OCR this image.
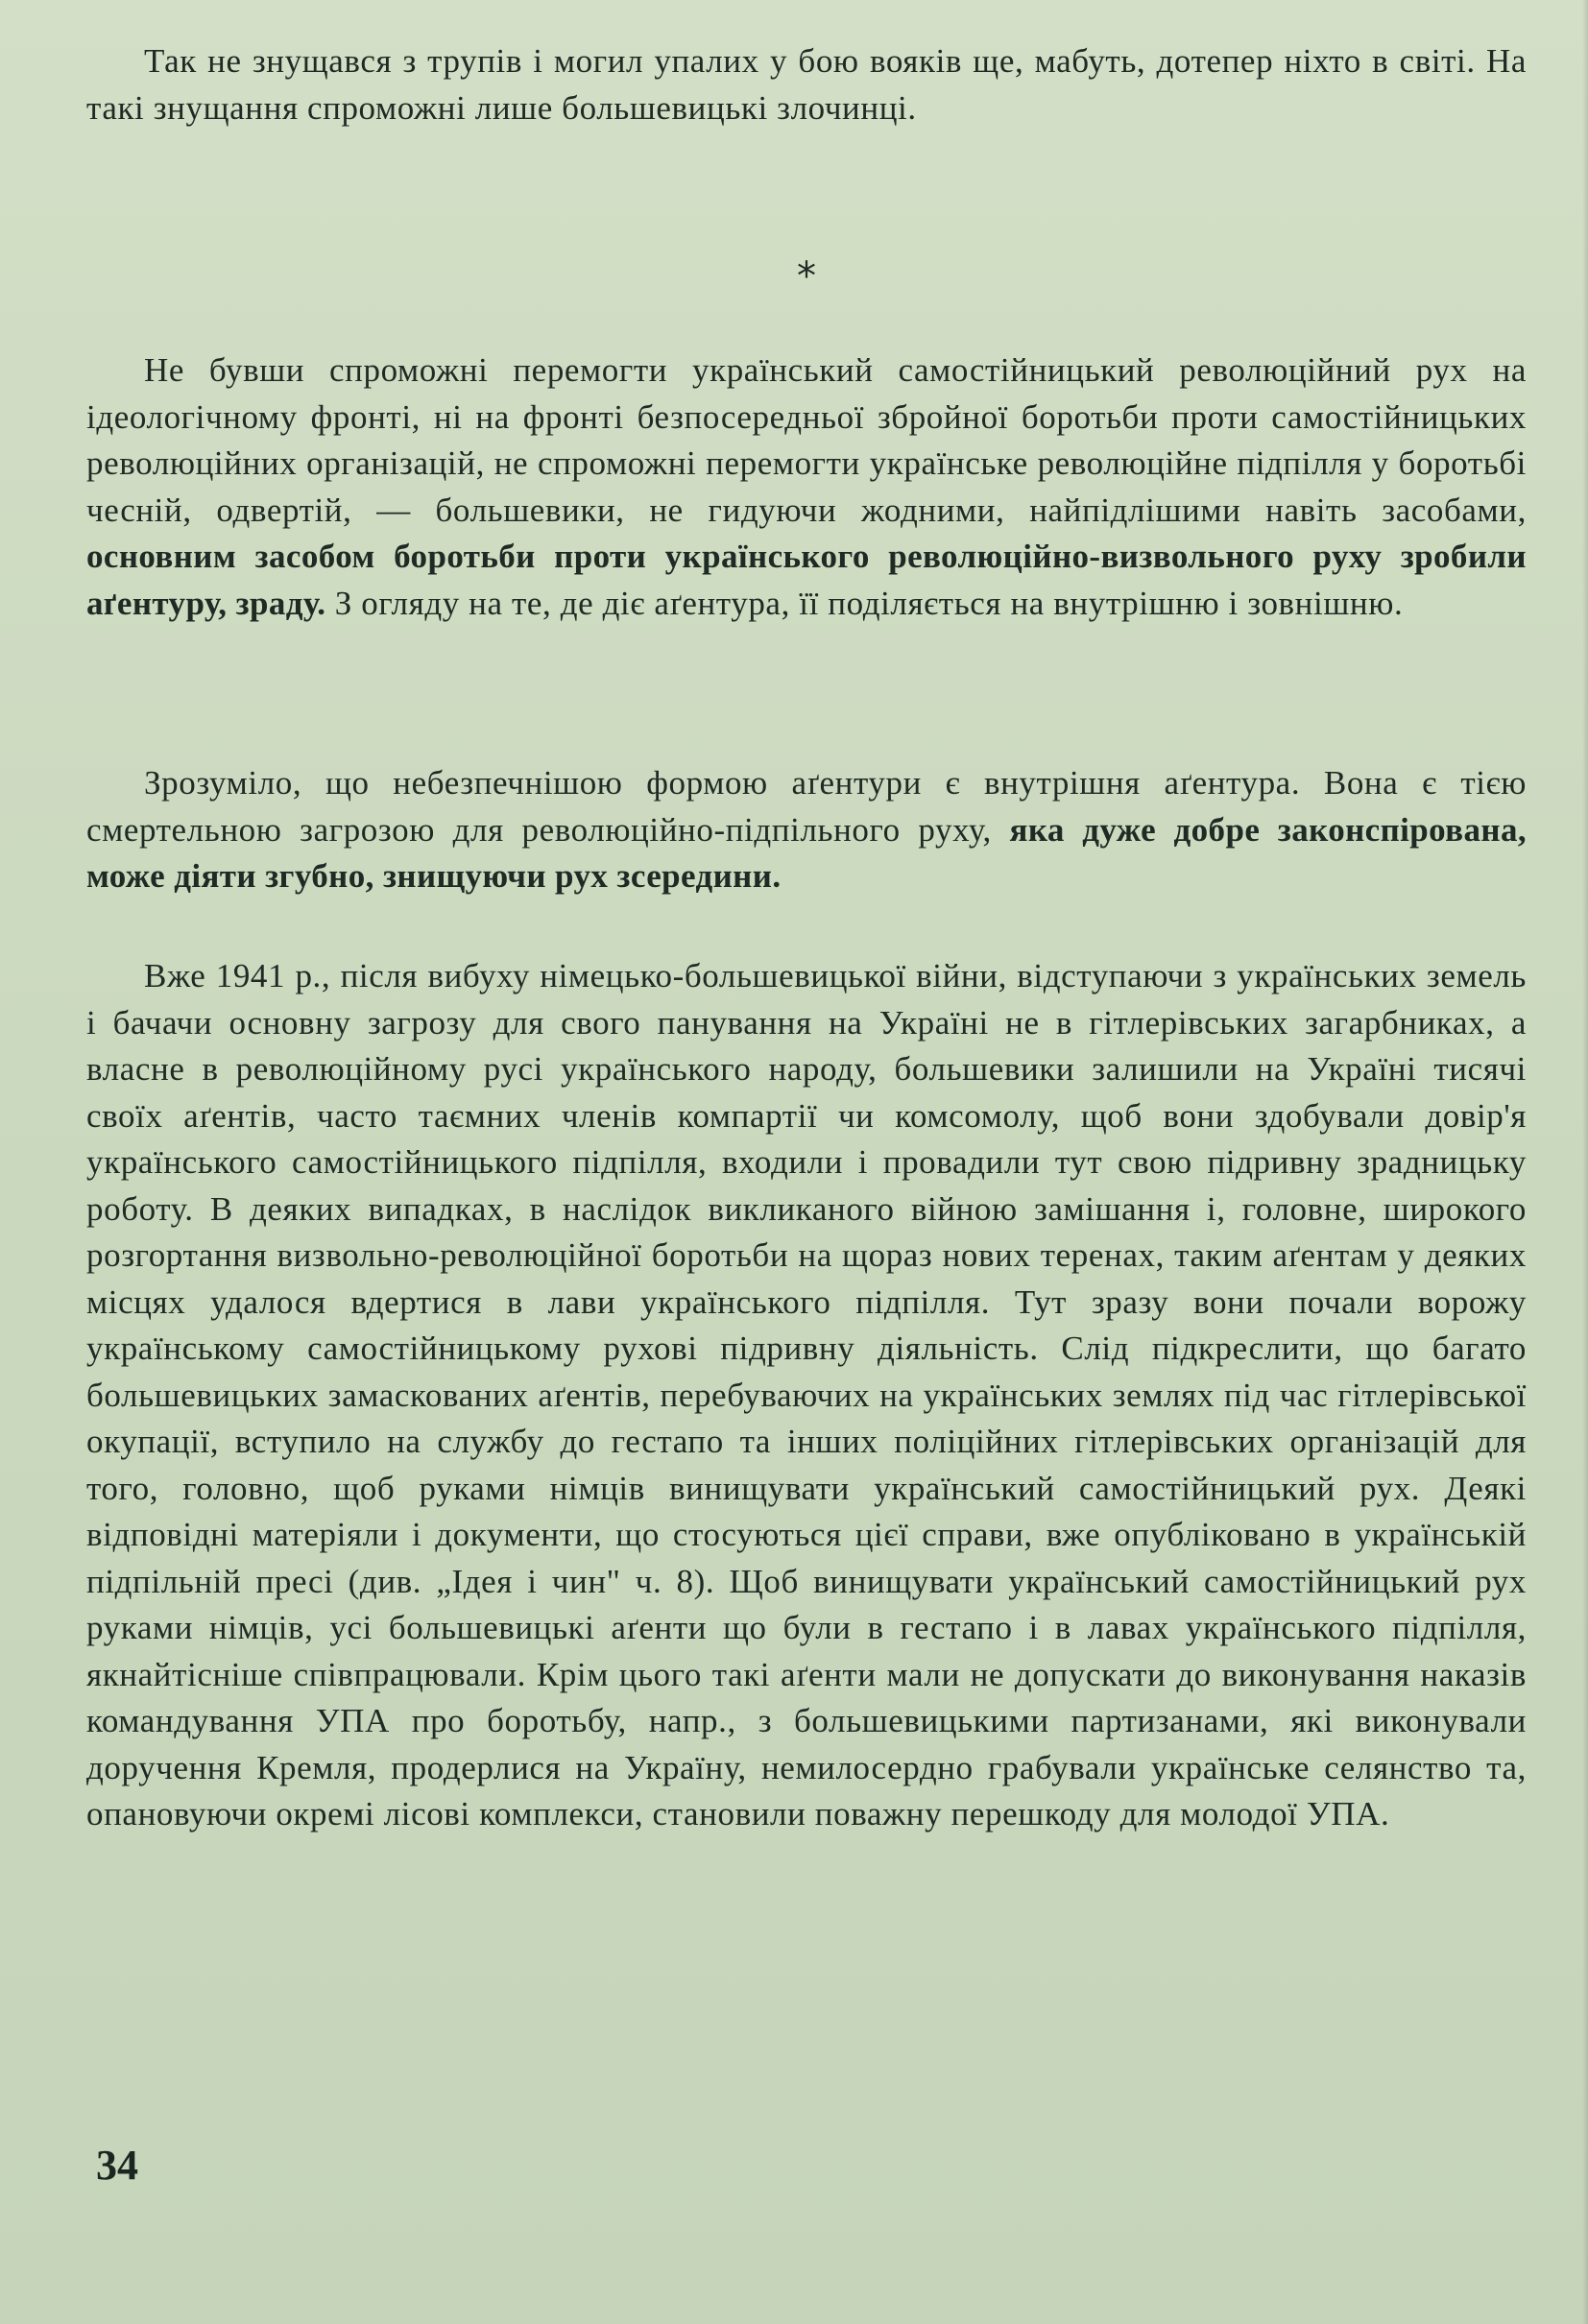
Так не знущався з трупів і могил упалих у бою вояків ще, мабуть, дотепер ніхто в світі. На такі знущання спроможні лише большевицькі злочинці.

*

Не бувши спроможні перемогти український самостійницький революційний рух на ідеологічному фронті, ні на фронті безпосередньої збройної боротьби проти самостійницьких революційних організацій, не спроможні перемогти українське революційне підпілля у боротьбі чесній, одвертій, — большевики, не гидуючи жодними, найпідлішими навіть засобами, основним засобом боротьби проти українського революційно-визвольного руху зробили аґентуру, зраду. З огляду на те, де діє аґентура, її поділяється на внутрішню і зовнішню.

Зрозуміло, що небезпечнішою формою аґентури є внутрішня аґентура. Вона є тією смертельною загрозою для революційно-підпільного руху, яка дуже добре законспірована, може діяти згубно, знищуючи рух зсередини.

Вже 1941 р., після вибуху німецько-большевицької війни, відступаючи з українських земель і бачачи основну загрозу для свого панування на Україні не в гітлерівських загарбниках, а власне в революційному русі українського народу, большевики залишили на Україні тисячі своїх аґентів, часто таємних членів компартії чи комсомолу, щоб вони здобували довір'я українського самостійницького підпілля, входили і провадили тут свою підривну зрадницьку роботу. В деяких випадках, в наслідок викликаного війною замішання і, головне, широкого розгортання визвольно-революційної боротьби на щораз нових теренах, таким аґентам у деяких місцях удалося вдертися в лави українського підпілля. Тут зразу вони почали ворожу українському самостійницькому рухові підривну діяльність. Слід підкреслити, що багато большевицьких замаскованих аґентів, перебуваючих на українських землях під час гітлерівської окупації, вступило на службу до гестапо та інших поліційних гітлерівських організацій для того, головно, щоб руками німців винищувати український самостійницький рух. Деякі відповідні матеріяли і документи, що стосуються цієї справи, вже опубліковано в українській підпільній пресі (див. „Ідея і чин" ч. 8). Щоб винищувати український самостійницький рух руками німців, усі большевицькі аґенти що були в гестапо і в лавах українського підпілля, якнайтісніше співпрацювали. Крім цього такі аґенти мали не допускати до виконування наказів командування УПА про боротьбу, напр., з большевицькими партизанами, які виконували доручення Кремля, продерлися на Україну, немилосердно грабували українське селянство та, опановуючи окремі лісові комплекси, становили поважну перешкоду для молодої УПА.

34
